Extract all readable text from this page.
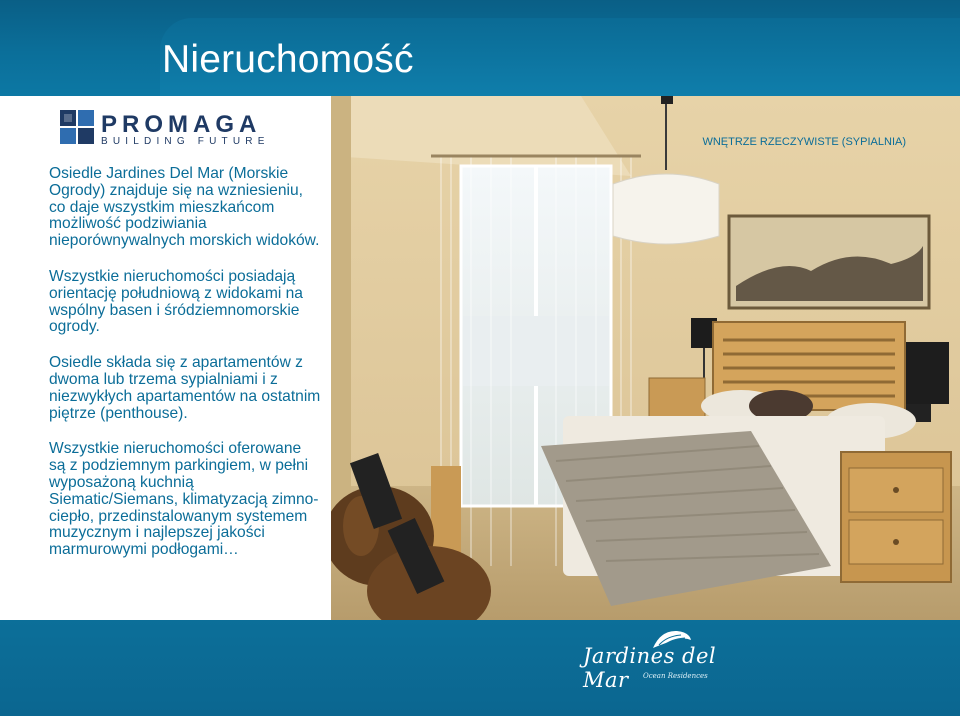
Nieruchomość
PROMAGA
BUILDING FUTURE

Osiedle Jardines Del Mar (Morskie Ogrody) znajduje się na wzniesieniu, co daje wszystkim mieszkańcom możliwość podziwiania nieporównywalnych morskich widoków.

Wszystkie nieruchomości posiadają orientację południową z widokami na wspólny basen i śródziemnomorskie ogrody.

Osiedle składa się z apartamentów z dwoma lub trzema sypialniami i z niezwykłych apartamentów na ostatnim piętrze (penthouse).

Wszystkie nieruchomości oferowane są z podziemnym parkingiem, w pełni wyposażoną kuchnią Siematic/Siemans, klimatyzacją zimno-ciepło, przedinstalowanym systemem muzycznym i najlepszej jakości marmurowymi podłogami…

WNĘTRZE RZECZYWISTE (SYPIALNIA)
Jardines del Mar	Ocean Residences
